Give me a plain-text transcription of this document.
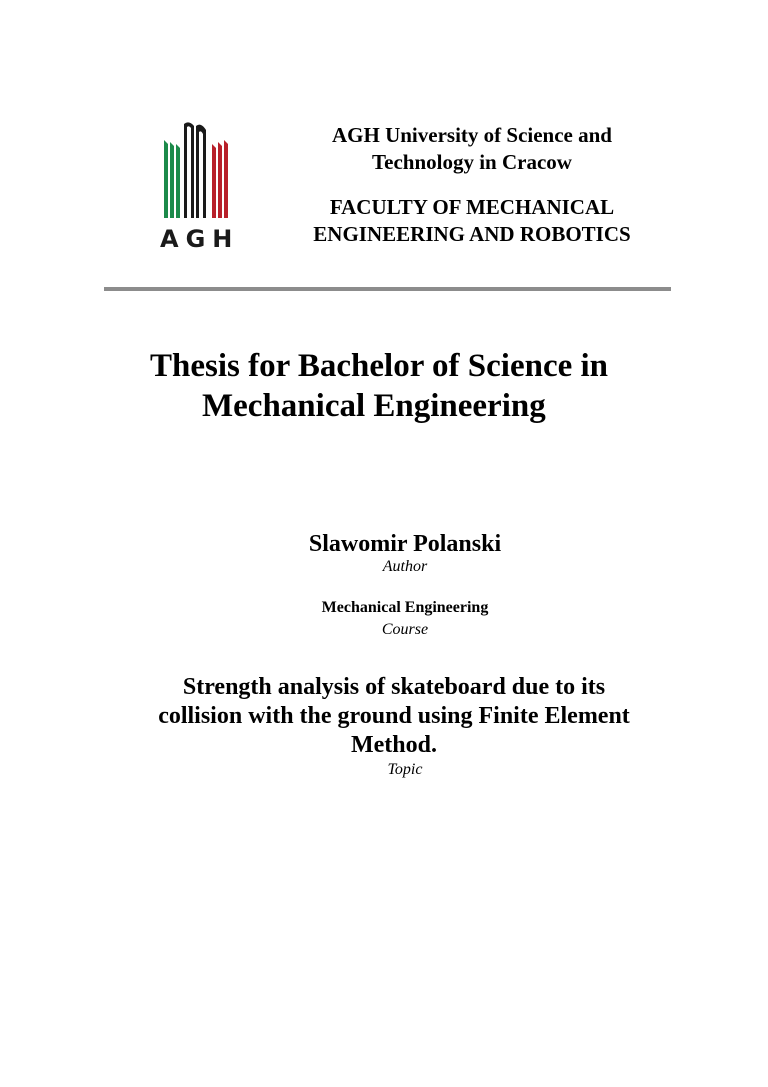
AGH
AGH University of Science and
Technology in Cracow
FACULTY OF MECHANICAL
ENGINEERING AND ROBOTICS
Thesis for Bachelor of Science in
Mechanical Engineering
Slawomir Polanski
Author
Mechanical Engineering
Course
Strength analysis of skateboard due to its
collision with the ground using Finite Element
Method.
Topic
